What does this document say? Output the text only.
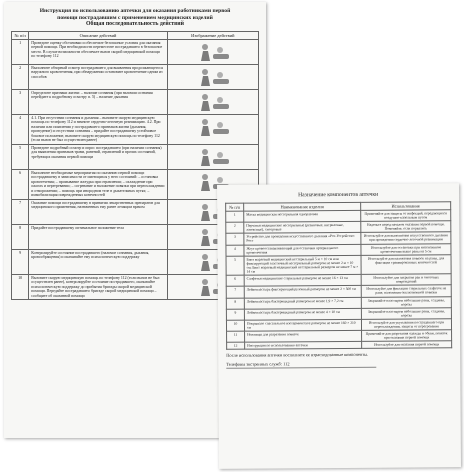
Инструкция по использованию аптечки для оказания работниками первой
помощи пострадавшим с применением медицинских изделий
Общая последовательность действий
№ п/п	Описание действий	Изображение действий
1	Проведите оценку обстановки и обеспечьте безопасные условия для оказания первой помощи. При необходимости переместите пострадавшего в безопасное место. В случае возможности обеспечьте вызов скорой медицинской помощи по телефону 112	

2	Выполните обзорный осмотр пострадавшего для выявления продолжающегося наружного кровотечения, при обнаружении остановите кровотечение одним из способов	

3	Определите признаки жизни: – наличие сознания (при наличии сознания перейдите к подробному осмотру п. 5) – наличие дыхания	

4	4.1. При отсутствии сознания и дыхания – вызовите скорую медицинскую помощь по телефону 112 и начните сердечно-легочную реанимацию. 4.2. При наличии или появлении у пострадавшего признаков жизни (дыхания, проведение) и отсутствии сознания – придайте пострадавшему устойчивое боковое положение, вызовите скорую медицинскую помощь по телефону 112 (если вызов не был осуществлен ранее)	

5	Проведите подробный осмотр и опрос пострадавшего (при наличии сознания) для выявления признаков травм, ранений, отравлений и прочих состояний, требующих оказания первой помощи	

6	Выполните необходимые мероприятия по оказанию первой помощи пострадавшему в зависимости от имеющихся у него состояний: – остановка кровотечения; – промывание желудка при отравлении; – охлаждение при ожогах и перегревании; – согревание и наложение повязки при переохлаждении и отморожении; – помощь при инородном теле в дыхательных путях; – иммобилизация поврежденных конечностей	

7	Оказание помощи пострадавшему в принятии лекарственных препаратов для медицинского применения, назначенных ему ранее лечащим врачом	

8	Придайте пострадавшему оптимальное положение тела	

9	Контролируйте состояние пострадавшего (наличие сознания, дыхания, кровообращения) и оказывайте ему психологическую поддержку	

10	Вызовите скорую медицинскую помощь по телефону 112 (если вызов не был осуществлен ранее), контролируйте состояние пострадавшего, оказывайте психологическую поддержку до прибытия бригады скорой медицинской помощи. Передайте пострадавшего бригаде скорой медицинской помощи – сообщите об оказанной помощи	
Назначение компонентов аптечки
№ п/п	Наименование изделия	Использование
1	Маска медицинская нестерильная одноразовая	Применяйте для защиты от инфекций, передающихся воздушно-капельным путем
2	Перчатки медицинские нестерильные (резиновые, нитриловые, латексные), смотровые	Наденьте перед началом оказания первой помощи. Поменяйте, если порвались
3	Устройство для проведения искусственного дыхания «Рот-Устройство-Рот»	Используйте для выполнения искусственного дыхания при проведении сердечно-легочной реанимации
4	Жгут кровоостанавливающий для остановки артериального кровотечения	Используйте для остановки при интенсивном кровотечении выше раны на 5 см
5	Бинт марлевый медицинский нестерильный 5 м × 10 см или фиксирующий эластичный нестерильный размером не менее 2 м × 10 см; Бинт марлевый медицинский нестерильный размером не менее 7 м × 14 см	Используйте для наложения повязок на раны, для фиксации травмированных конечностей
6	Салфетки медицинские стерильные размером не менее 16 × 13 см	Используйте для закрытия ран и ожоговых повреждений
7	Лейкопластырь фиксирующий рулонный размером не менее 2 × 500 см	Используйте для фиксации стерильных салфеток на ране, наложения окклюзионной повязки
8	Лейкопластырь бактерицидный размером не менее 1,9 × 7,2 см	Закрывайте пластырем небольшие раны, ссадины, порезы
9	Лейкопластырь бактерицидный размером не менее 4 × 10 см	Закрывайте пластырем небольшие раны, ссадины, порезы
10	Покрывало спасательное изотермическое размером не менее 160 × 210 см	Используйте для укутывания пострадавшего при переохлаждении, защиты от перегревания
11	Ножницы для разрезания повязок	Применяйте для разрезания одежды и обуви, повязок при оказании первой помощи
12	Инструкция по использованию аптечки	Используйте для оказания первой помощи
После использования аптечки восполните ее израсходованные компоненты.
Телефоны экстренных служб: 112
